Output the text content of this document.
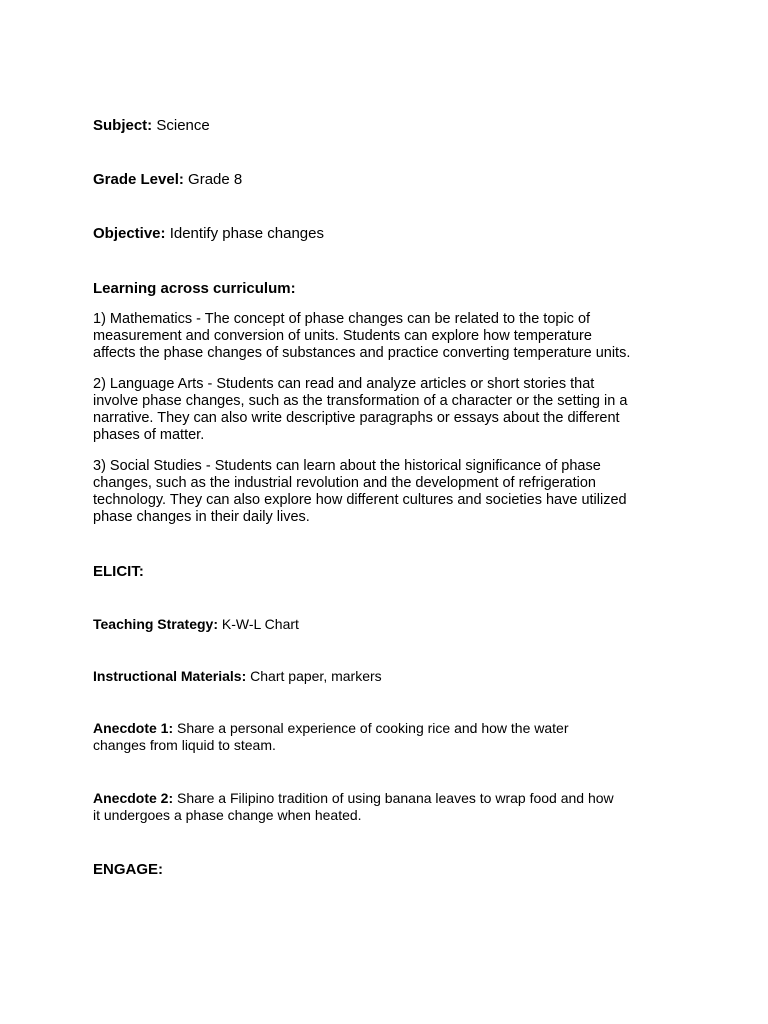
Subject: Science

Grade Level: Grade 8

Objective: Identify phase changes

Learning across curriculum:

1) Mathematics - The concept of phase changes can be related to the topic of
measurement and conversion of units. Students can explore how temperature
affects the phase changes of substances and practice converting temperature units.
2) Language Arts - Students can read and analyze articles or short stories that
involve phase changes, such as the transformation of a character or the setting in a
narrative. They can also write descriptive paragraphs or essays about the different
phases of matter.
3) Social Studies - Students can learn about the historical significance of phase
changes, such as the industrial revolution and the development of refrigeration
technology. They can also explore how different cultures and societies have utilized
phase changes in their daily lives.

ELICIT:

Teaching Strategy: K-W-L Chart

Instructional Materials: Chart paper, markers

Anecdote 1: Share a personal experience of cooking rice and how the water
changes from liquid to steam.
Anecdote 2: Share a Filipino tradition of using banana leaves to wrap food and how
it undergoes a phase change when heated.

ENGAGE:
